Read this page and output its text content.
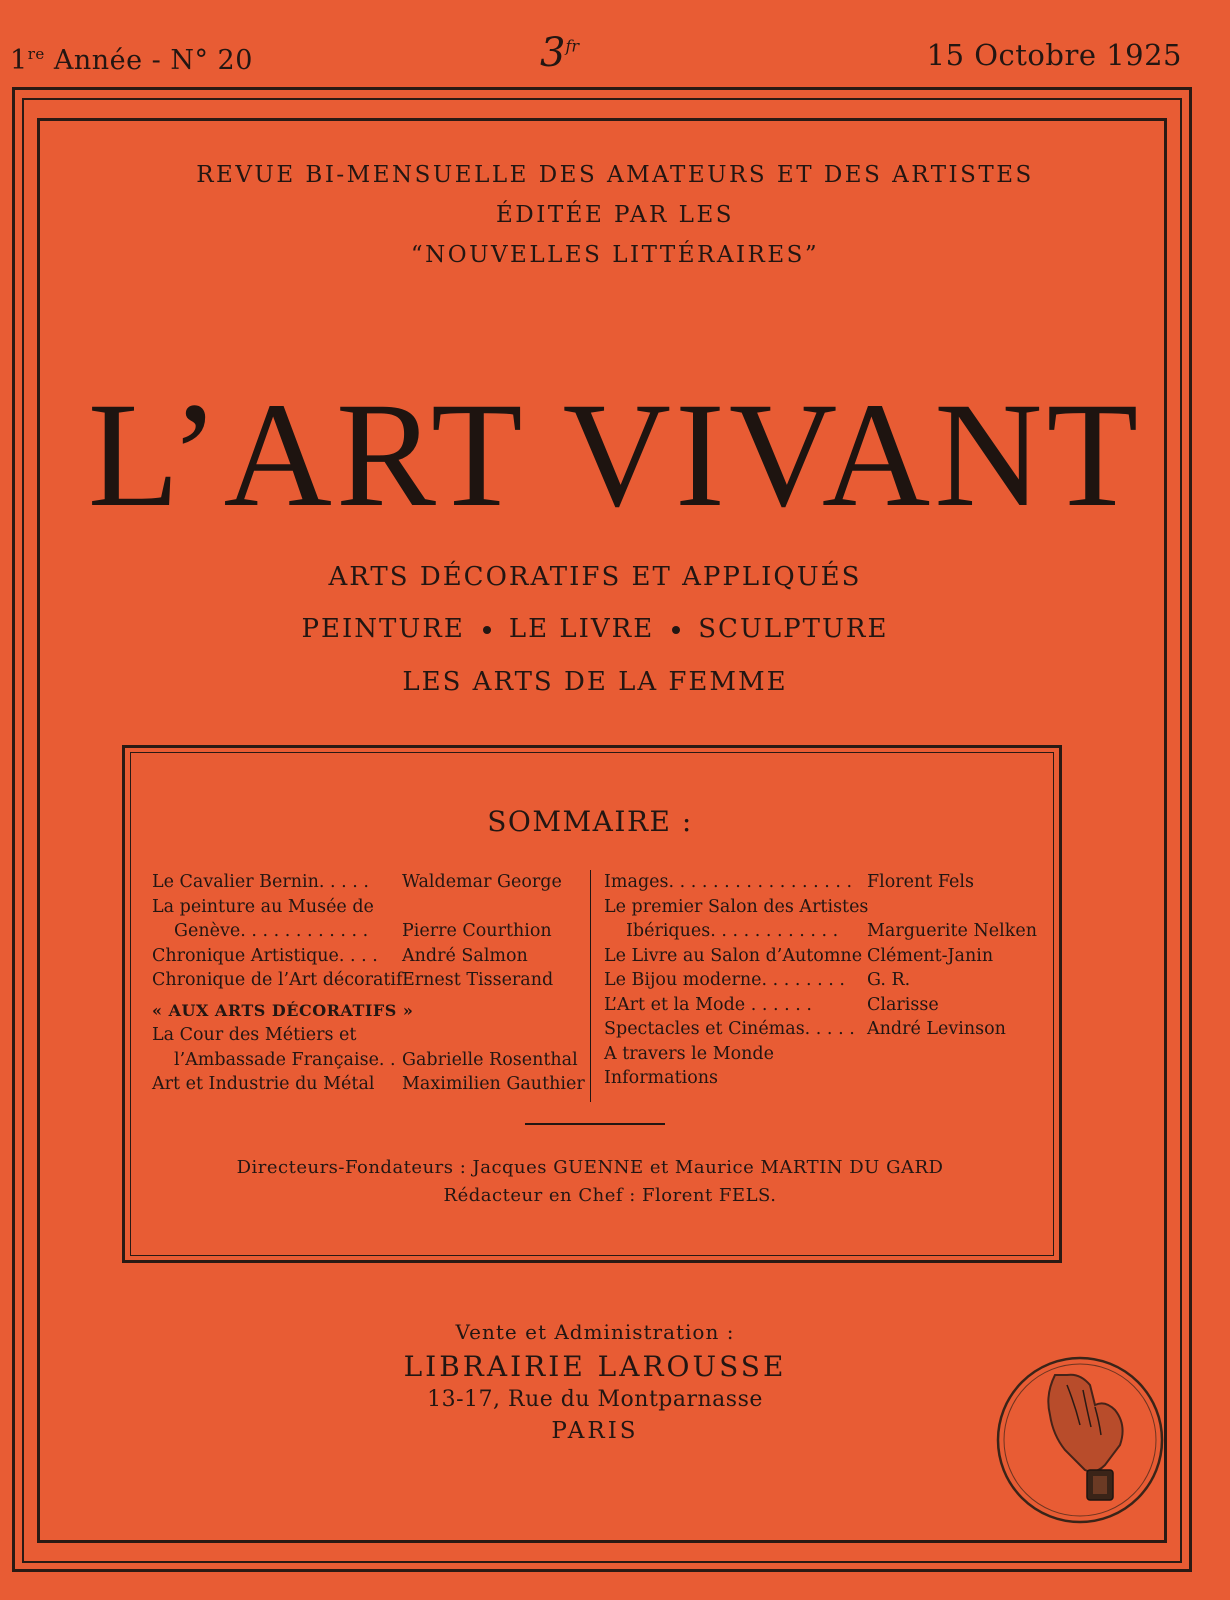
1re Année - N° 20	$3^{fr}$	15 Octobre 1925
REVUE BI-MENSUELLE DES AMATEURS ET DES ARTISTES
ÉDITÉE PAR LES
“NOUVELLES LITTÉRAIRES”
L’ART VIVANT
ARTS DÉCORATIFS ET APPLIQUÉS
PEINTURE LE LIVRE SCULPTURE
LES ARTS DE LA FEMME
SOMMAIRE :
Le Cavalier Bernin. . . . .
La peinture au Musée de
Genève. . . . . . . . . . . .
Chronique Artistique. . . .
Chronique de l’Art décoratif
« AUX ARTS DÉCORATIFS »
La Cour des Métiers et
l’Ambassade Française. .
Art et Industrie du Métal
Waldemar George
Pierre Courthion
André Salmon
Ernest Tisserand
Gabrielle Rosenthal
Maximilien Gauthier
Images. . . . . . . . . . . . . . . . .
Le premier Salon des Artistes
Ibériques. . . . . . . . . . . .
Le Livre au Salon d’Automne
Le Bijou moderne. . . . . . . .
L’Art et la Mode . . . . . .
Spectacles et Cinémas. . . . .
A travers le Monde
Informations
Florent Fels
Marguerite Nelken
Clément-Janin
G. R.
Clarisse
André Levinson
Directeurs-Fondateurs : Jacques GUENNE et Maurice MARTIN DU GARD
Rédacteur en Chef : Florent FELS.
Vente et Administration :
LIBRAIRIE LAROUSSE
13-17, Rue du Montparnasse
PARIS
